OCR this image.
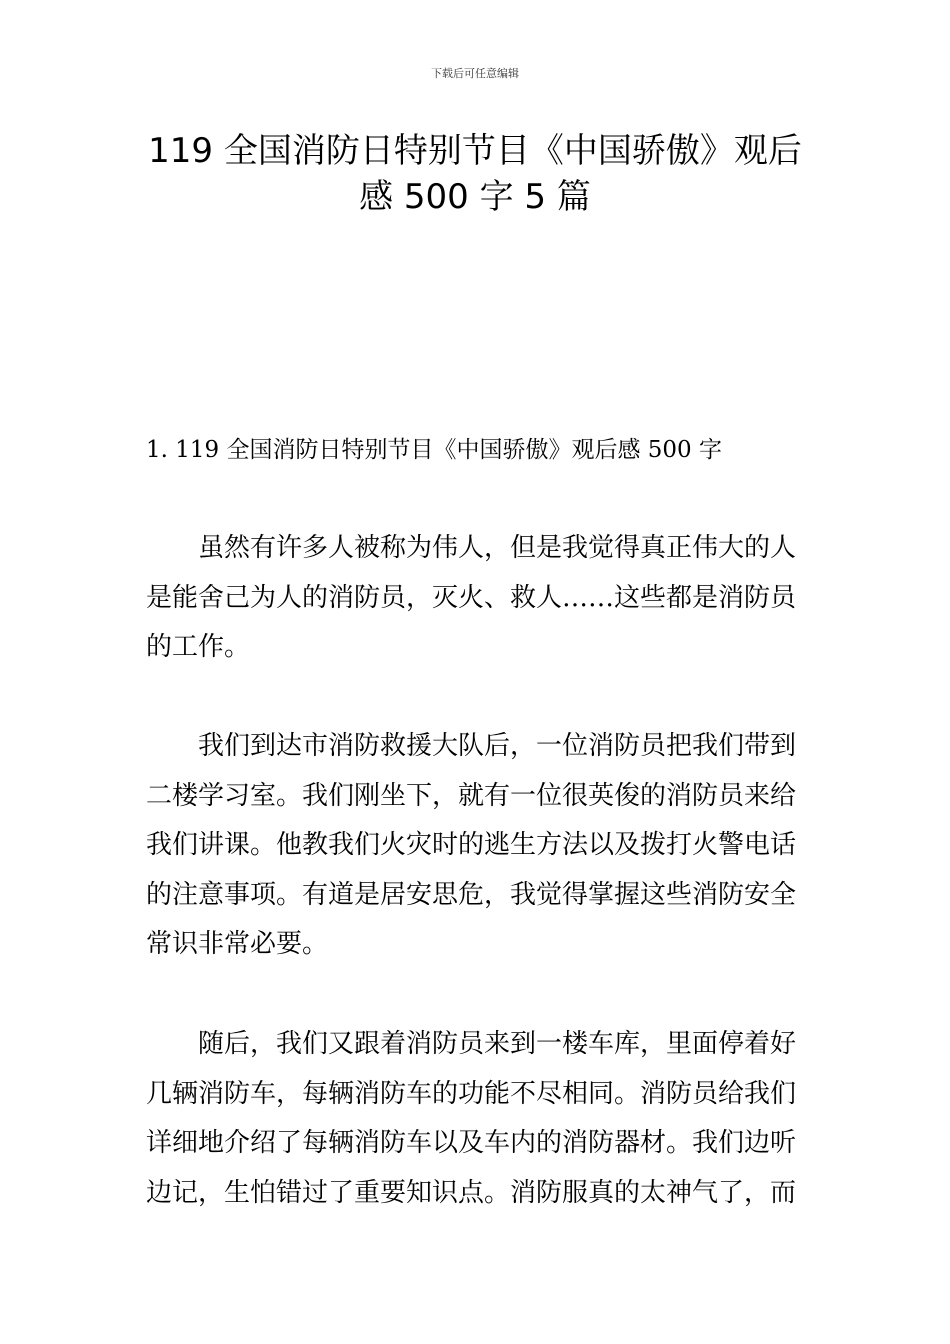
下载后可任意编辑
119 全国消防日特别节目《中国骄傲》观后
感 500 字 5 篇
1. 119 全国消防日特别节目《中国骄傲》观后感 500 字

虽然有许多人被称为伟人，但是我觉得真正伟大的人
是能舍己为人的消防员，灭火、救人……这些都是消防员
的工作。

我们到达市消防救援大队后，一位消防员把我们带到
二楼学习室。我们刚坐下，就有一位很英俊的消防员来给
我们讲课。他教我们火灾时的逃生方法以及拨打火警电话
的注意事项。有道是居安思危，我觉得掌握这些消防安全
常识非常必要。

随后，我们又跟着消防员来到一楼车库，里面停着好
几辆消防车，每辆消防车的功能不尽相同。消防员给我们
详细地介绍了每辆消防车以及车内的消防器材。我们边听
边记，生怕错过了重要知识点。消防服真的太神气了，而
